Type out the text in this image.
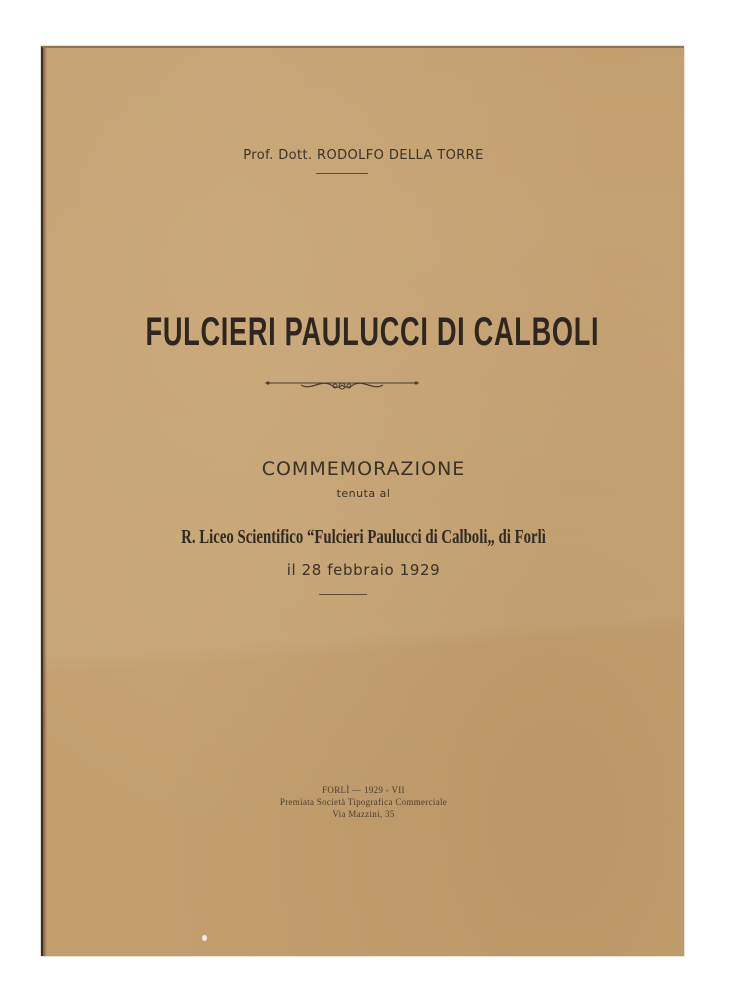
Prof. Dott. RODOLFO DELLA TORRE
FULCIERI PAULUCCI DI CALBOLI
COMMEMORAZIONE
tenuta al
R. Liceo Scientifico “Fulcieri Paulucci di Calboli„ di Forlì
il 28 febbraio 1929
FORLÌ — 1929 - VII
Premiata Società Tipografica Commerciale
Via Mazzini, 35
